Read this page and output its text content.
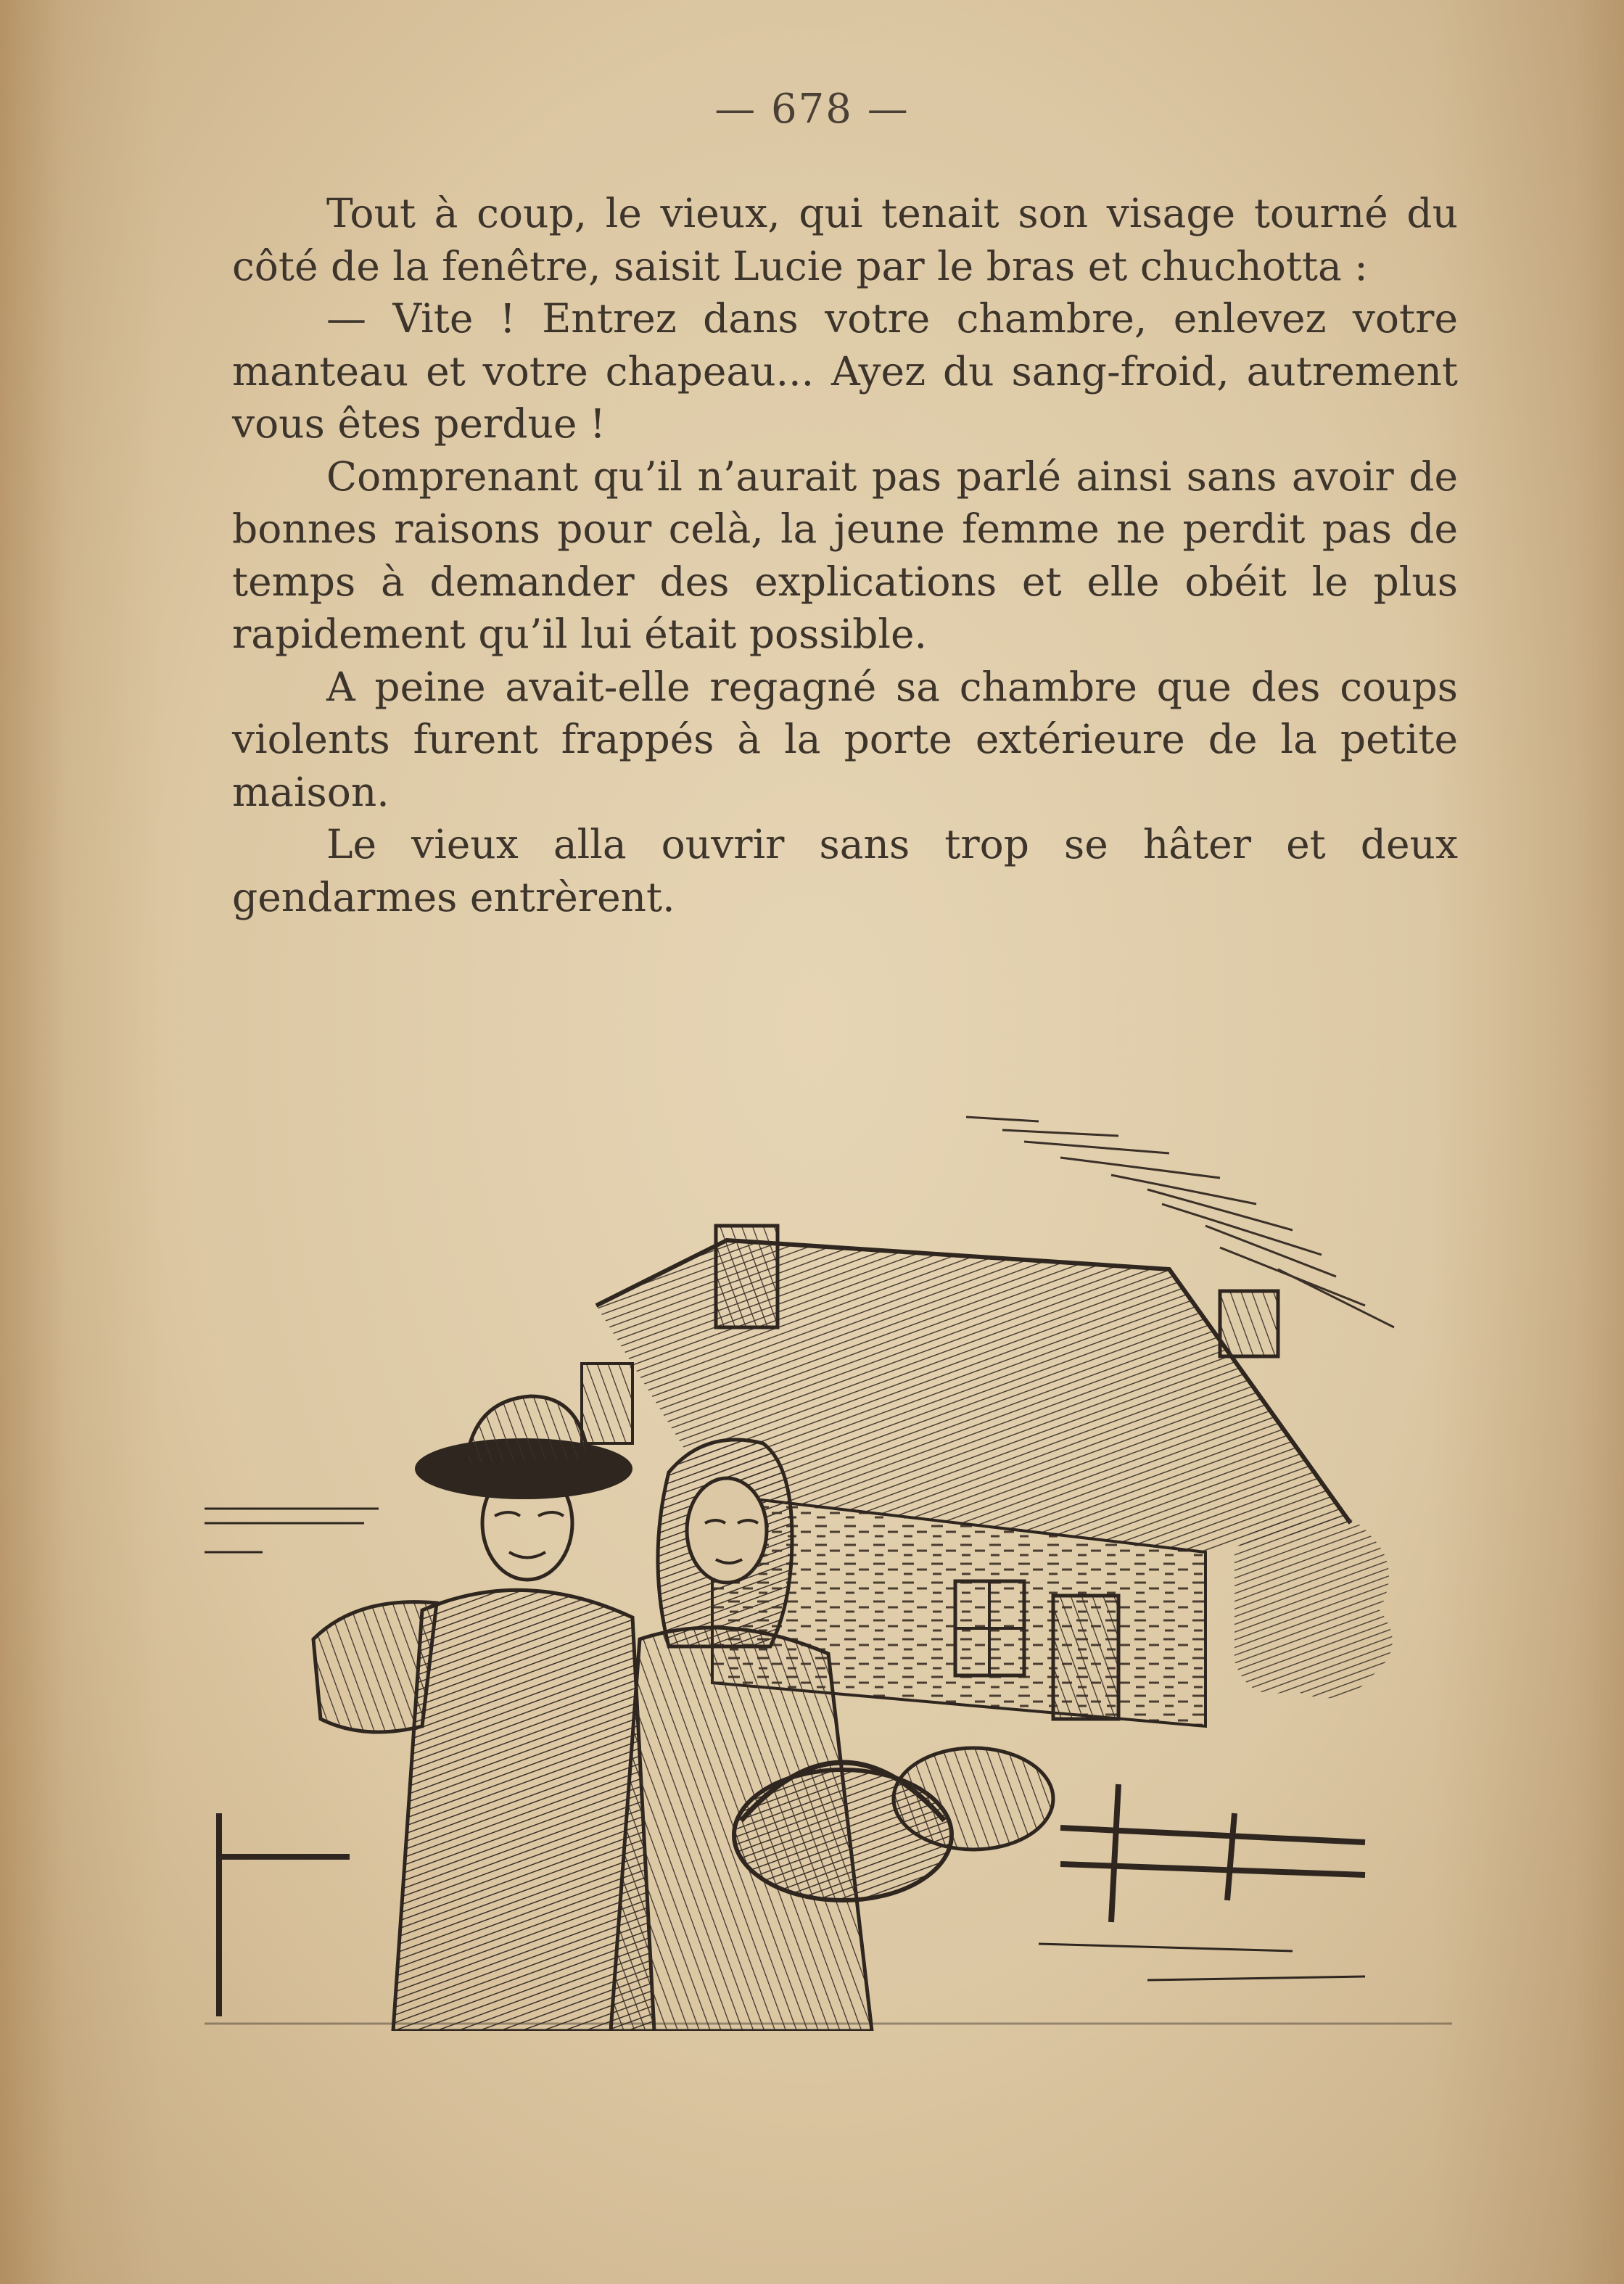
— 678 —

Tout à coup, le vieux, qui tenait son visage tourné du côté de la fenêtre, saisit Lucie par le bras et chuchotta :

— Vite ! Entrez dans votre chambre, enlevez votre manteau et votre chapeau... Ayez du sang-froid, autrement vous êtes perdue !

Comprenant qu’il n’aurait pas parlé ainsi sans avoir de bonnes raisons pour celà, la jeune femme ne perdit pas de temps à demander des explications et elle obéit le plus rapidement qu’il lui était possible.

A peine avait-elle regagné sa chambre que des coups violents furent frappés à la porte extérieure de la petite maison.

Le vieux alla ouvrir sans trop se hâter et deux gendarmes entrèrent.
